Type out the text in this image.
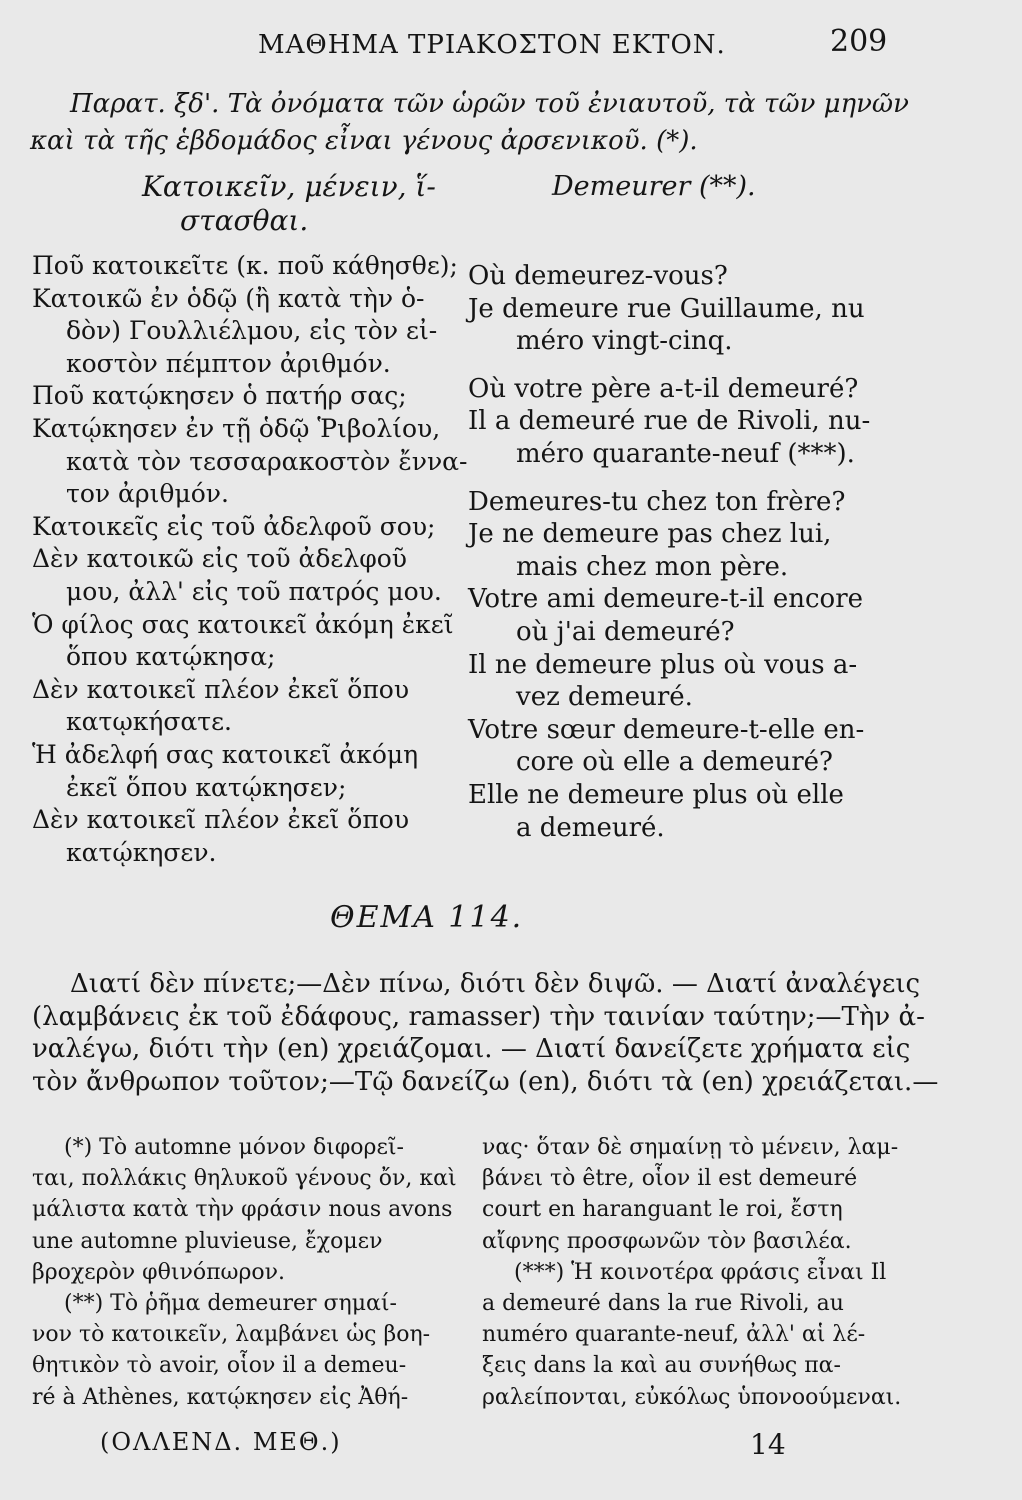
ΜΑΘΗΜΑ ΤΡΙΑΚΟΣΤΟΝ ΕΚΤΟΝ.	209
Παρατ. ξδ'. Τὰ ὀνόματα τῶν ὡρῶν τοῦ ἐνιαυτοῦ, τὰ τῶν μηνῶν
καὶ τὰ τῆς ἑβδομάδος εἶναι γένους ἀρσενικοῦ. (*).
Κατοικεῖν, μένειν, ἵ-
στασθαι.
Ποῦ κατοικεῖτε (κ. ποῦ κάθησθε);
Κατοικῶ ἐν ὁδῷ (ἢ κατὰ τὴν ὁ-
δὸν) Γουλλιέλμου, εἰς τὸν εἰ-
κοστὸν πέμπτον ἀριθμόν.
Ποῦ κατῴκησεν ὁ πατήρ σας;
Κατῴκησεν ἐν τῇ ὁδῷ Ῥιβολίου,
κατὰ τὸν τεσσαρακοστὸν ἔννα-
τον ἀριθμόν.
Κατοικεῖς εἰς τοῦ ἀδελφοῦ σου;
Δὲν κατοικῶ εἰς τοῦ ἀδελφοῦ
μου, ἀλλ' εἰς τοῦ πατρός μου.
Ὁ φίλος σας κατοικεῖ ἀκόμη ἐκεῖ
ὅπου κατῴκησα;
Δὲν κατοικεῖ πλέον ἐκεῖ ὅπου
κατῳκήσατε.
Ἡ ἀδελφή σας κατοικεῖ ἀκόμη
ἐκεῖ ὅπου κατῴκησεν;
Δὲν κατοικεῖ πλέον ἐκεῖ ὅπου
κατῴκησεν.
Demeurer (**).
Où demeurez-vous?
Je demeure rue Guillaume, nu
méro vingt-cinq.
Où votre père a-t-il demeuré?
Il a demeuré rue de Rivoli, nu-
méro quarante-neuf (***).
Demeures-tu chez ton frère?
Je ne demeure pas chez lui,
mais chez mon père.
Votre ami demeure-t-il encore
où j'ai demeuré?
Il ne demeure plus où vous a-
vez demeuré.
Votre sœur demeure-t-elle en-
core où elle a demeuré?
Elle ne demeure plus où elle
a demeuré.
ΘΕΜΑ 114.
Διατί δὲν πίνετε;—Δὲν πίνω, διότι δὲν διψῶ. — Διατί ἀναλέγεις
(λαμβάνεις ἐκ τοῦ ἐδάφους, ramasser) τὴν ταινίαν ταύτην;—Τὴν ἀ-
ναλέγω, διότι τὴν (en) χρειάζομαι. — Διατί δανείζετε χρήματα εἰς
τὸν ἄνθρωπον τοῦτον;—Τῷ δανείζω (en), διότι τὰ (en) χρειάζεται.—
(*) Τὸ automne μόνον διφορεῖ-
ται, πολλάκις θηλυκοῦ γένους ὄν, καὶ
μάλιστα κατὰ τὴν φράσιν nous avons
une automne pluvieuse, ἔχομεν
βροχερὸν φθινόπωρον.
(**) Τὸ ῥῆμα demeurer σημαί-
νον τὸ κατοικεῖν, λαμβάνει ὡς βοη-
θητικὸν τὸ avoir, οἷον il a demeu-
ré à Athènes, κατῴκησεν εἰς Ἀθή-
νας· ὅταν δὲ σημαίνῃ τὸ μένειν, λαμ-
βάνει τὸ être, οἷον il est demeuré
court en haranguant le roi, ἔστη
αἴφνης προσφωνῶν τὸν βασιλέα.
(***) Ἡ κοινοτέρα φράσις εἶναι Il
a demeuré dans la rue Rivoli, au
numéro quarante-neuf, ἀλλ' αἱ λέ-
ξεις dans la καὶ au συνήθως πα-
ραλείπονται, εὐκόλως ὑπονοούμεναι.
(ΟΛΛΕΝΔ. ΜΕΘ.)	14
